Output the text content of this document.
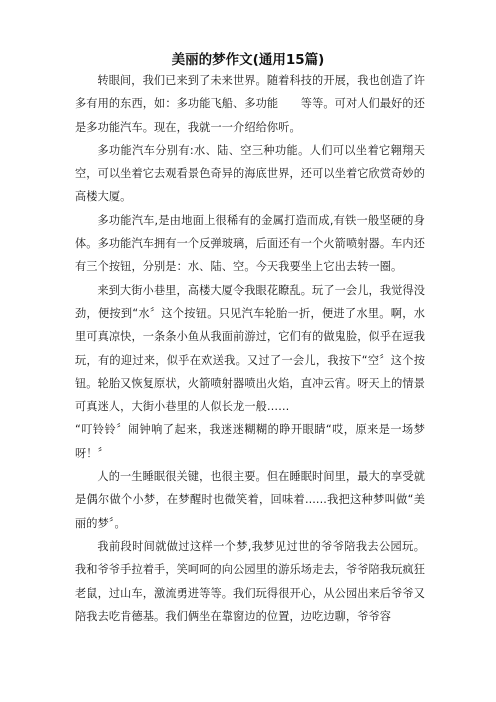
美丽的梦作文(通用15篇)

转眼间，我们已来到了未来世界。随着科技的开展，我也创造了许多有用的东西，如：多功能飞船、多功能　　等等。可对人们最好的还是多功能汽车。现在，我就一一介绍给你听。

多功能汽车分别有:水、陆、空三种功能。人们可以坐着它翱翔天空，可以坐着它去观看景色奇异的海底世界，还可以坐着它欣赏奇妙的高楼大厦。

多功能汽车,是由地面上很稀有的金属打造而成,有铁一般坚硬的身体。多功能汽车拥有一个反弹玻璃，后面还有一个火箭喷射器。车内还有三个按钮，分别是：水、陆、空。今天我要坐上它出去转一圈。

来到大街小巷里，高楼大厦令我眼花瞭乱。玩了一会儿，我觉得没劲，便按到“水〞这个按钮。只见汽车轮胎一折，便进了水里。啊，水里可真凉快，一条条小鱼从我面前游过，它们有的做鬼脸，似乎在逗我玩，有的迎过来，似乎在欢送我。又过了一会儿，我按下“空〞这个按钮。轮胎又恢复原状，火箭喷射器喷出火焰，直冲云宵。呀天上的情景可真迷人，大街小巷里的人似长龙一般……

“叮铃铃〞闹钟响了起来，我迷迷糊糊的睁开眼睛“哎，原来是一场梦呀！〞

人的一生睡眠很关键，也很主要。但在睡眠时间里，最大的享受就是偶尔做个小梦，在梦醒时也微笑着，回味着......我把这种梦叫做“美丽的梦〞。

我前段时间就做过这样一个梦,我梦见过世的爷爷陪我去公园玩。我和爷爷手拉着手，笑呵呵的向公园里的游乐场走去，爷爷陪我玩疯狂老鼠，过山车，激流勇进等等。我们玩得很开心，从公园出来后爷爷又陪我去吃肯德基。我们俩坐在靠窗边的位置，边吃边聊，爷爷容
